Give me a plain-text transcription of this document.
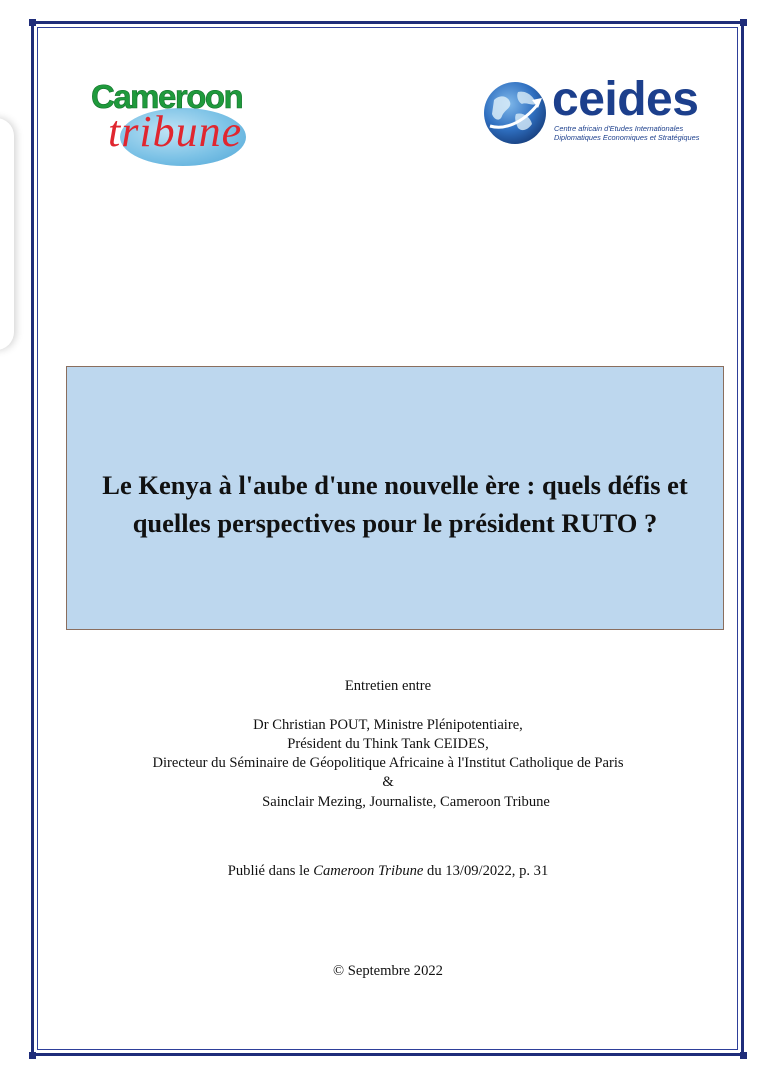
Cameroon
tribune
ceides
Centre africain d'Etudes Internationales
Diplomatiques Economiques et Stratégiques
Le Kenya à l'aube d'une nouvelle ère : quels défis et quelles perspectives pour le président RUTO ?
Entretien entre
Dr Christian POUT, Ministre Plénipotentiaire,
Président du Think Tank CEIDES,
Directeur du Séminaire de Géopolitique Africaine à l'Institut Catholique de Paris
&
Sainclair Mezing, Journaliste, Cameroon Tribune
Publié dans le Cameroon Tribune du 13/09/2022, p. 31
© Septembre 2022
